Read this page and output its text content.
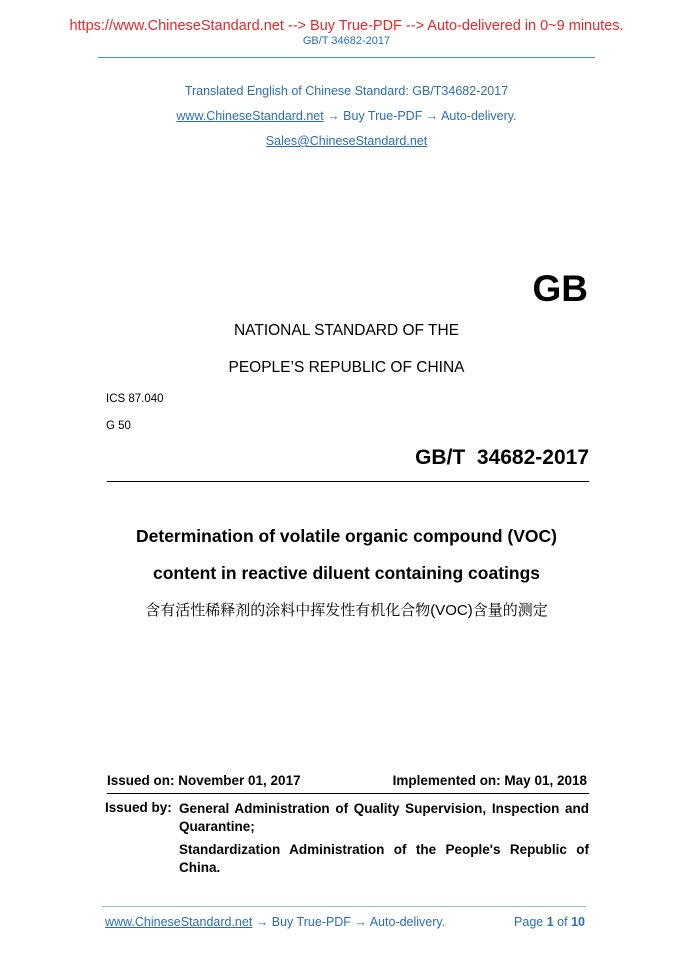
https://www.ChineseStandard.net --> Buy True-PDF --> Auto-delivered in 0~9 minutes.
GB/T 34682-2017
Translated English of Chinese Standard: GB/T34682-2017
www.ChineseStandard.net → Buy True-PDF → Auto-delivery.
Sales@ChineseStandard.net
GB
NATIONAL STANDARD OF THE
PEOPLE’S REPUBLIC OF CHINA
ICS 87.040
G 50
GB/T  34682-2017
Determination of volatile organic compound (VOC)
content in reactive diluent containing coatings
含有活性稀释剂的涂料中挥发性有机化合物(VOC)含量的测定
Issued on: November 01, 2017	Implemented on: May 01, 2018
Issued by: General Administration of Quality Supervision, Inspection and Quarantine;
Standardization Administration of the People's Republic of China.
www.ChineseStandard.net → Buy True-PDF → Auto-delivery.	Page 1 of 10
